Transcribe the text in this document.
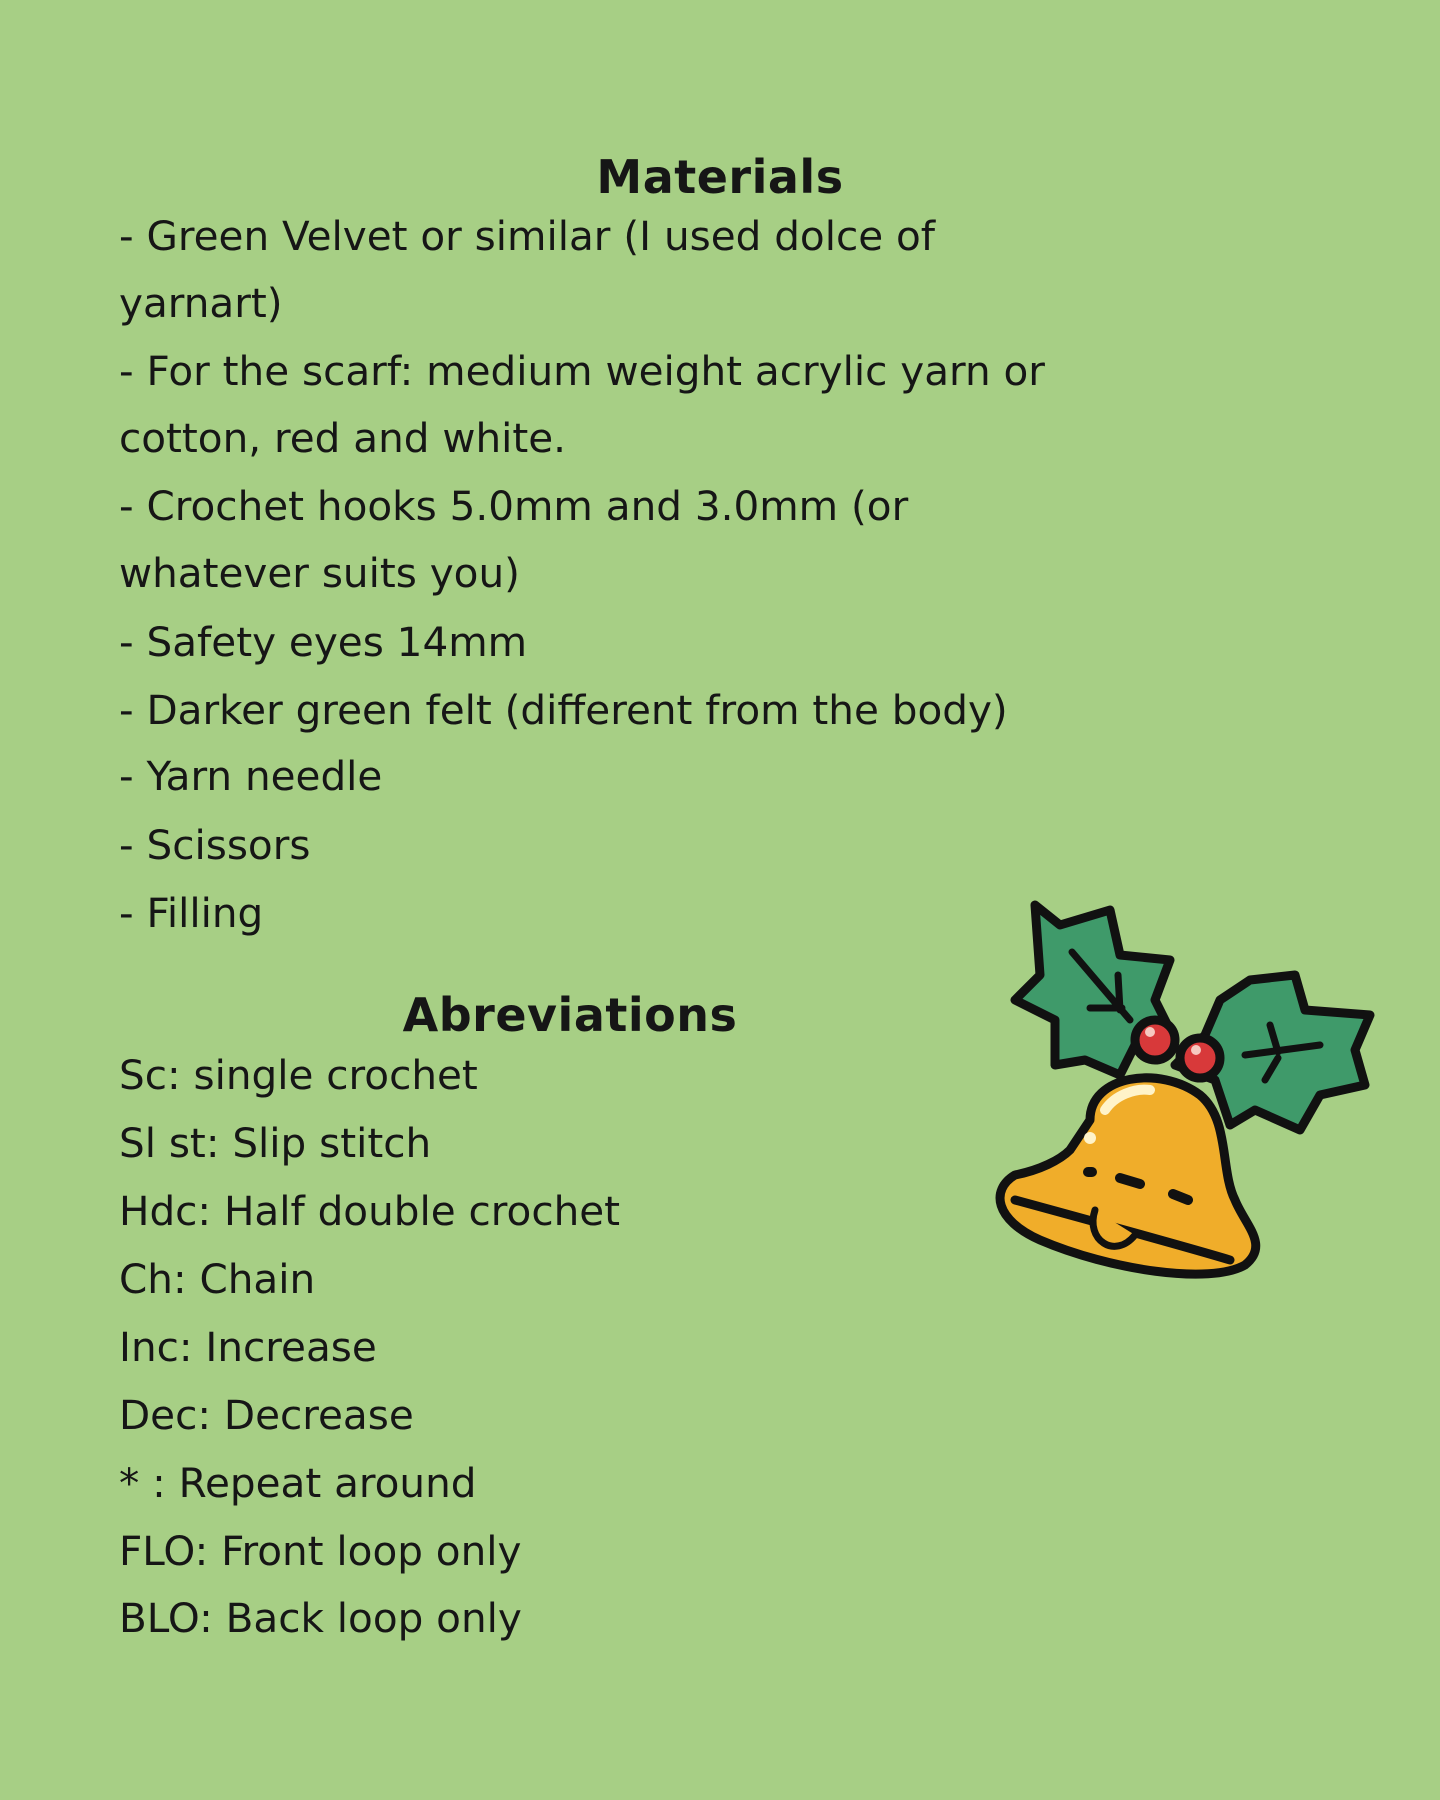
Materials
- Green Velvet or similar (I used dolce of
yarnart)
- For the scarf: medium weight acrylic yarn or
cotton, red and white.
- Crochet hooks 5.0mm and 3.0mm (or
whatever suits you)
- Safety eyes 14mm
- Darker green felt (different from the body)
- Yarn needle
- Scissors
- Filling
Abreviations
Sc: single crochet
Sl st: Slip stitch
Hdc: Half double crochet
Ch: Chain
Inc: Increase
Dec: Decrease
* : Repeat around
FLO: Front loop only
BLO: Back loop only
